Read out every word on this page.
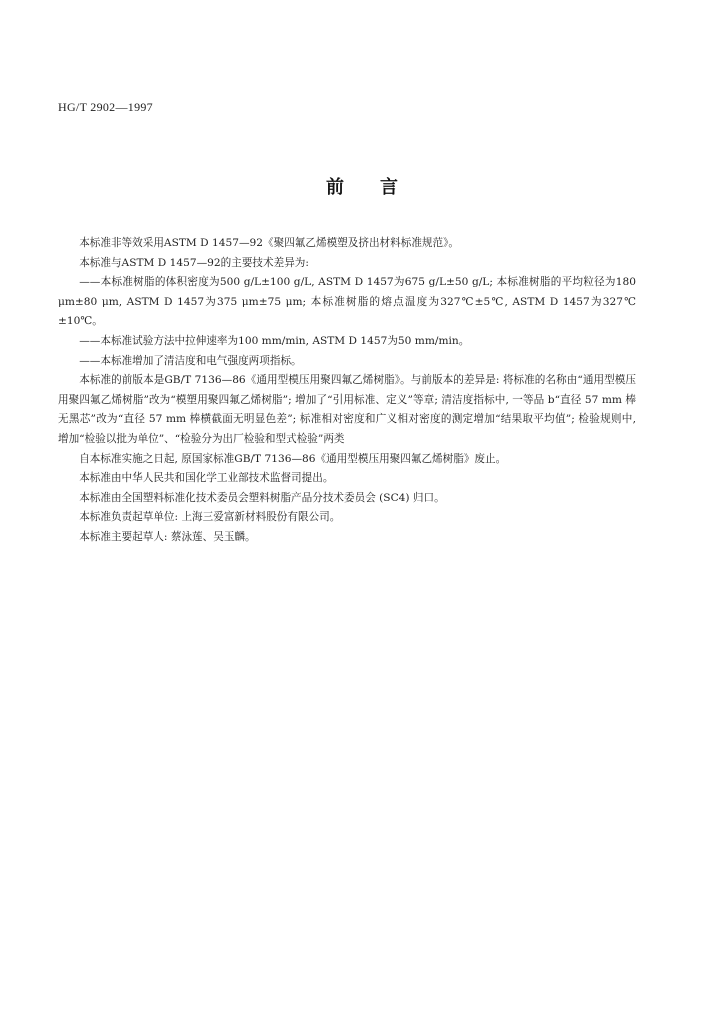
HG/T 2902—1997
前 言

本标准非等效采用ASTM D 1457—92《聚四氟乙烯模塑及挤出材料标准规范》。

本标准与ASTM D 1457—92的主要技术差异为:

——本标准树脂的体积密度为500 g/L±100 g/L, ASTM D 1457为675 g/L±50 g/L; 本标准树脂的平均粒径为180 μm±80 μm, ASTM D 1457为375 μm±75 μm; 本标准树脂的熔点温度为327℃±5℃, ASTM D 1457为327℃±10℃。

——本标准试验方法中拉伸速率为100 mm/min, ASTM D 1457为50 mm/min。

——本标准增加了清洁度和电气强度两项指标。

本标准的前版本是GB/T 7136—86《通用型模压用聚四氟乙烯树脂》。与前版本的差异是: 将标准的名称由“通用型模压用聚四氟乙烯树脂”改为“模塑用聚四氟乙烯树脂”; 增加了“引用标准、定义”等章; 清洁度指标中, 一等品 b“直径 57 mm 棒无黑芯”改为“直径 57 mm 棒横截面无明显色差”; 标准相对密度和广义相对密度的测定增加“结果取平均值”; 检验规则中, 增加“检验以批为单位”、“检验分为出厂检验和型式检验”两类

自本标准实施之日起, 原国家标准GB/T 7136—86《通用型模压用聚四氟乙烯树脂》废止。

本标准由中华人民共和国化学工业部技术监督司提出。

本标准由全国塑料标准化技术委员会塑料树脂产品分技术委员会 (SC4) 归口。

本标准负责起草单位: 上海三爱富新材料股份有限公司。

本标准主要起草人: 蔡泳莲、吴玉麟。
